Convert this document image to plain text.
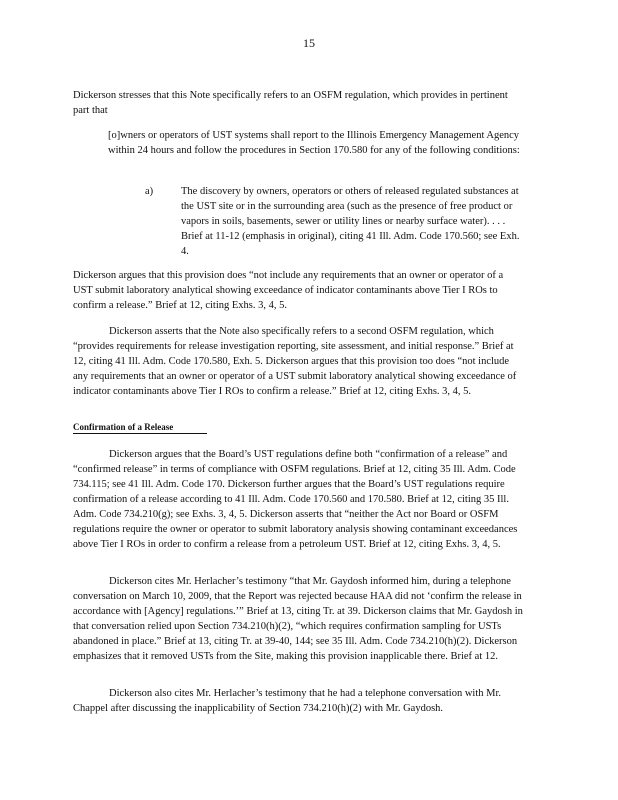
15

Dickerson stresses that this Note specifically refers to an OSFM regulation, which provides in pertinent part that

[o]wners or operators of UST systems shall report to the Illinois Emergency Management Agency within 24 hours and follow the procedures in Section 170.580 for any of the following conditions:

a)	The discovery by owners, operators or others of released regulated substances at the UST site or in the surrounding area (such as the presence of free product or vapors in soils, basements, sewer or utility lines or nearby surface water). . . . Brief at 11-12 (emphasis in original), citing 41 Ill. Adm. Code 170.560; see Exh. 4.

Dickerson argues that this provision does “not include any requirements that an owner or operator of a UST submit laboratory analytical showing exceedance of indicator contaminants above Tier I ROs to confirm a release.” Brief at 12, citing Exhs. 3, 4, 5.

Dickerson asserts that the Note also specifically refers to a second OSFM regulation, which “provides requirements for release investigation reporting, site assessment, and initial response.” Brief at 12, citing 41 Ill. Adm. Code 170.580, Exh. 5. Dickerson argues that this provision too does “not include any requirements that an owner or operator of a UST submit laboratory analytical showing exceedance of indicator contaminants above Tier I ROs to confirm a release.” Brief at 12, citing Exhs. 3, 4, 5.

Confirmation of a Release

Dickerson argues that the Board’s UST regulations define both “confirmation of a release” and “confirmed release” in terms of compliance with OSFM regulations. Brief at 12, citing 35 Ill. Adm. Code 734.115; see 41 Ill. Adm. Code 170. Dickerson further argues that the Board’s UST regulations require confirmation of a release according to 41 Ill. Adm. Code 170.560 and 170.580. Brief at 12, citing 35 Ill. Adm. Code 734.210(g); see Exhs. 3, 4, 5. Dickerson asserts that “neither the Act nor Board or OSFM regulations require the owner or operator to submit laboratory analysis showing contaminant exceedances above Tier I ROs in order to confirm a release from a petroleum UST. Brief at 12, citing Exhs. 3, 4, 5.

Dickerson cites Mr. Herlacher’s testimony “that Mr. Gaydosh informed him, during a telephone conversation on March 10, 2009, that the Report was rejected because HAA did not ‘confirm the release in accordance with [Agency] regulations.’” Brief at 13, citing Tr. at 39. Dickerson claims that Mr. Gaydosh in that conversation relied upon Section 734.210(h)(2), “which requires confirmation sampling for USTs abandoned in place.” Brief at 13, citing Tr. at 39-40, 144; see 35 Ill. Adm. Code 734.210(h)(2). Dickerson emphasizes that it removed USTs from the Site, making this provision inapplicable there. Brief at 12.

Dickerson also cites Mr. Herlacher’s testimony that he had a telephone conversation with Mr. Chappel after discussing the inapplicability of Section 734.210(h)(2) with Mr. Gaydosh.
